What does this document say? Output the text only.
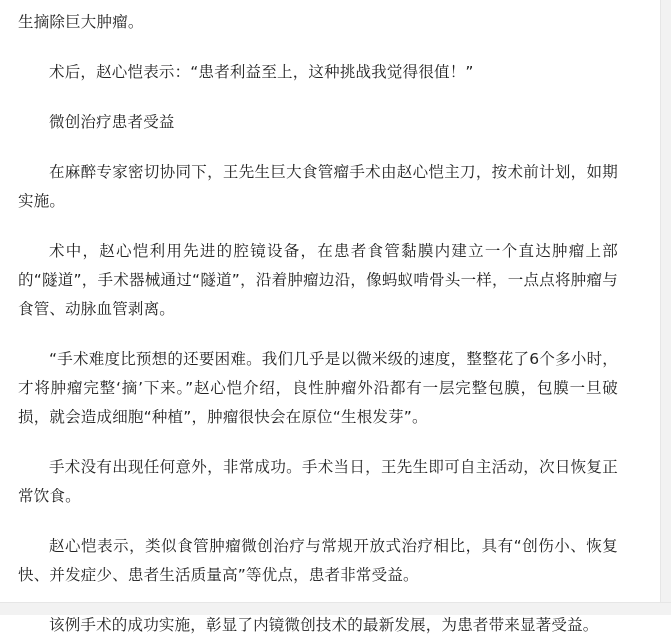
生摘除巨大肿瘤。

术后，赵心恺表示：“患者利益至上，这种挑战我觉得很值！”

微创治疗患者受益

在麻醉专家密切协同下，王先生巨大食管瘤手术由赵心恺主刀，按术前计划，如期实施。

术中，赵心恺利用先进的腔镜设备，在患者食管黏膜内建立一个直达肿瘤上部的“隧道”，手术器械通过“隧道”，沿着肿瘤边沿，像蚂蚁啃骨头一样，一点点将肿瘤与食管、动脉血管剥离。

“手术难度比预想的还要困难。我们几乎是以微米级的速度，整整花了6个多小时，才将肿瘤完整‘摘’下来。”赵心恺介绍，良性肿瘤外沿都有一层完整包膜，包膜一旦破损，就会造成细胞“种植”，肿瘤很快会在原位“生根发芽”。

手术没有出现任何意外，非常成功。手术当日，王先生即可自主活动，次日恢复正常饮食。

赵心恺表示，类似食管肿瘤微创治疗与常规开放式治疗相比，具有“创伤小、恢复快、并发症少、患者生活质量高”等优点，患者非常受益。

该例手术的成功实施，彰显了内镜微创技术的最新发展，为患者带来显著受益。
